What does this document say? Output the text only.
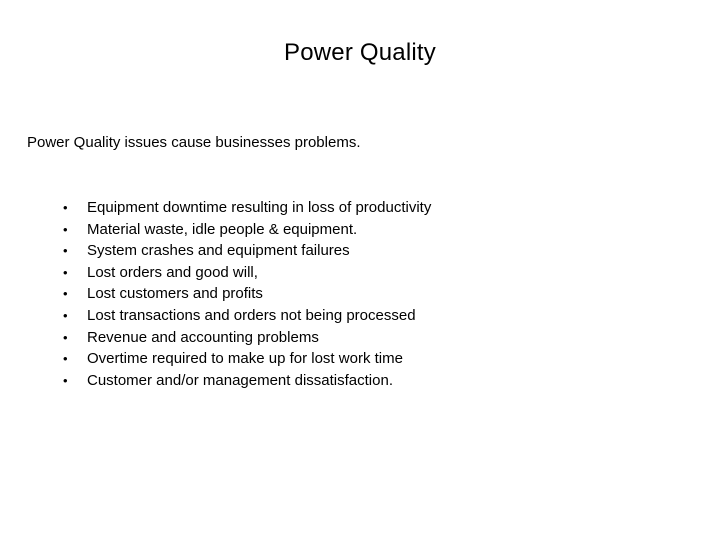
Power Quality
Power Quality issues cause businesses problems.
•	Equipment downtime resulting in loss of productivity
•	Material waste, idle people & equipment.
•	System crashes and equipment failures
•	Lost orders and good will,
•	Lost customers and profits
•	Lost transactions and orders not being processed
•	Revenue and accounting problems
•	Overtime required to make up for lost work time
•	Customer and/or management dissatisfaction.
